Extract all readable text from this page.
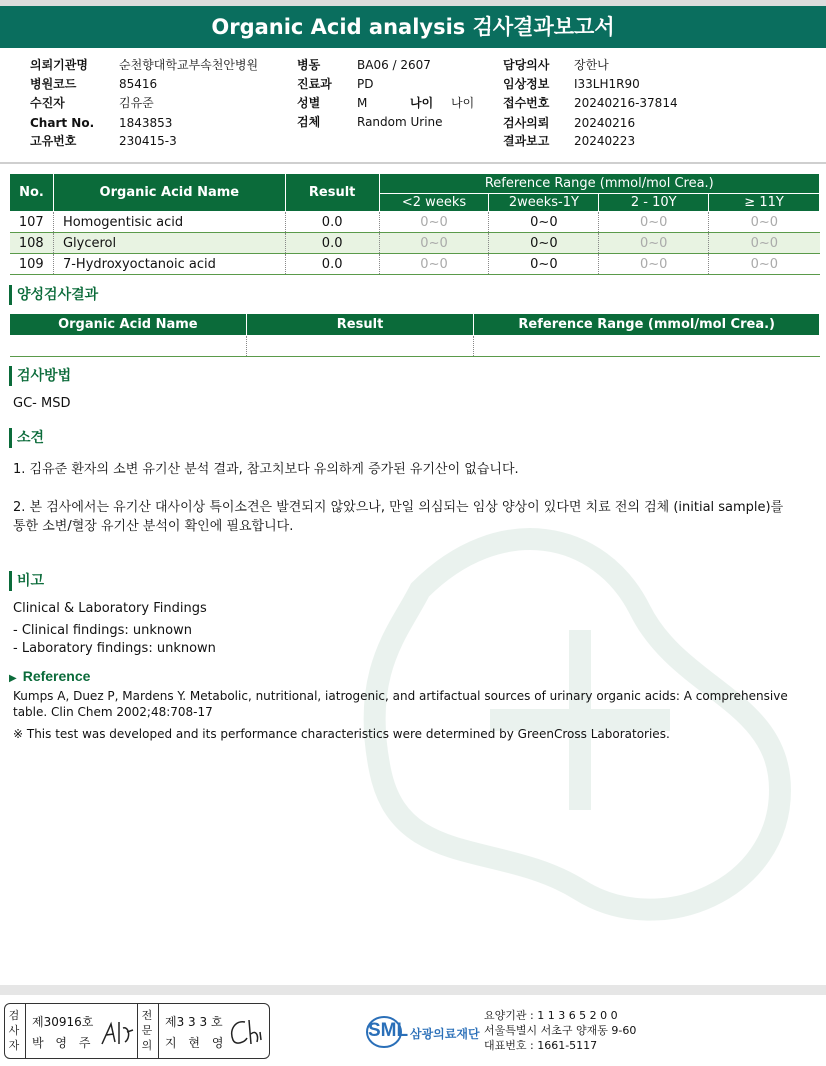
Organic Acid analysis 검사결과보고서
의뢰기관명	순천향대학교부속천안병원
병원코드	85416
수진자	김유준
Chart No. 1843853
고유번호	230415-3
병동	BA06 / 2607
진료과 PD
성별	M	나이 나이
검체	Random Urine
담당의사 장한나
임상정보 I33LH1R90
접수번호 20240216-37814
검사의뢰 20240216
결과보고 20240223
No.	Organic Acid Name	Result	Reference Range (mmol/mol Crea.)			
			<2 weeks	2weeks-1Y	2 - 10Y	≥ 11Y
107	Homogentisic acid	0.0	0~0	0~0	0~0	0~0
108	Glycerol	0.0	0~0	0~0	0~0	0~0
109	7-Hydroxyoctanoic acid	0.0	0~0	0~0	0~0	0~0
양성검사결과
Organic Acid Name	Result	Reference Range (mmol/mol Crea.)

검사방법
GC- MSD
소견
1. 김유준 환자의 소변 유기산 분석 결과, 참고치보다 유의하게 증가된 유기산이 없습니다.
2. 본 검사에서는 유기산 대사이상 특이소견은 발견되지 않았으나, 만일 의심되는 임상 양상이 있다면 치료 전의 검체 (initial sample)를
통한 소변/혈장 유기산 분석이 확인에 필요합니다.
비고
Clinical & Laboratory Findings
- Clinical findings: unknown
- Laboratory findings: unknown
▶ Reference
Kumps A, Duez P, Mardens Y. Metabolic, nutritional, iatrogenic, and artifactual sources of urinary organic acids: A comprehensive
table. Clin Chem 2002;48:708-17
※ This test was developed and its performance characteristics were determined by GreenCross Laboratories.
검사자
제30916호
박 영 주
전문의
제3 3 3 호
지 현 영
SML 삼광의료재단
요양기관 : 1 1 3 6 5 2 0 0
서울특별시 서초구 양재동 9-60
대표번호 : 1661-5117
